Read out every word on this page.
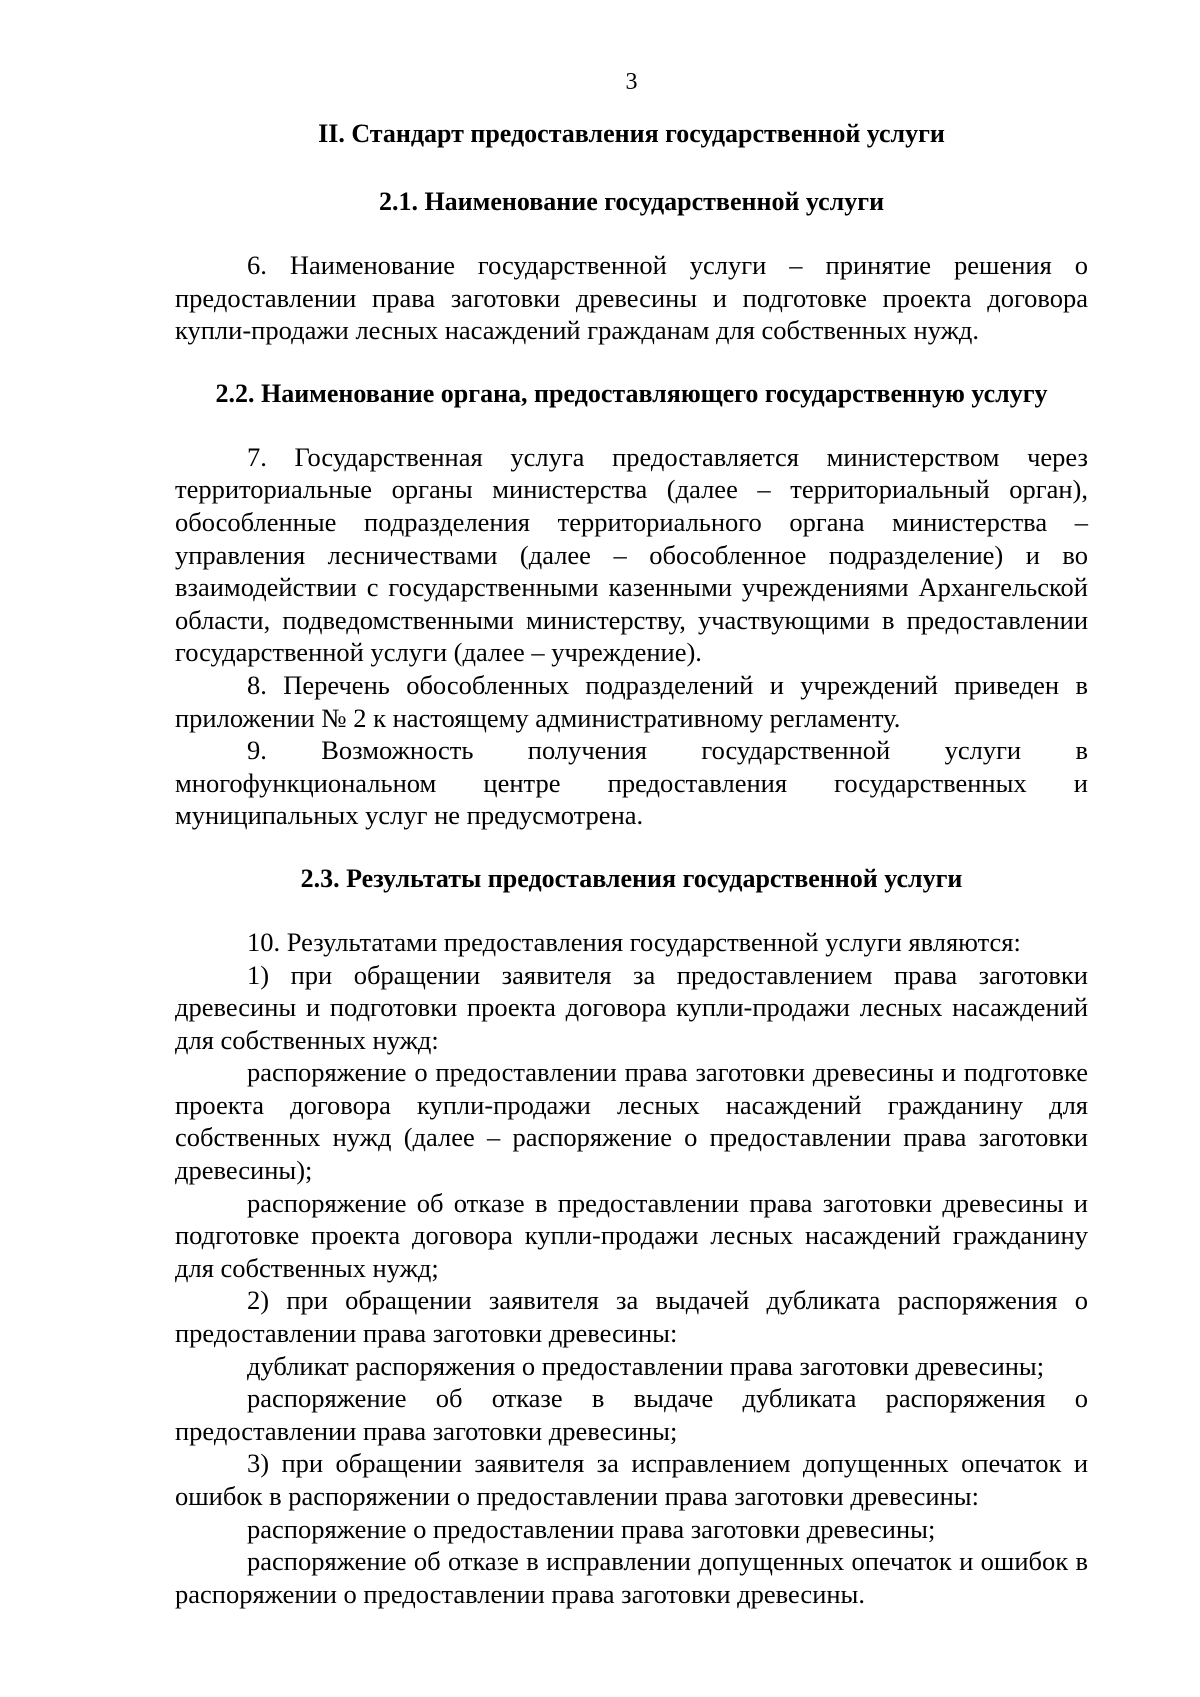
3
II. Стандарт предоставления государственной услуги
2.1. Наименование государственной услуги

6. Наименование государственной услуги – принятие решения о предоставлении права заготовки древесины и подготовке проекта договора купли-продажи лесных насаждений гражданам для собственных нужд.

2.2. Наименование органа, предоставляющего государственную услугу

7. Государственная услуга предоставляется министерством через территориальные органы министерства (далее – территориальный орган), обособленные подразделения территориального органа министерства – управления лесничествами (далее – обособленное подразделение) и во взаимодействии с государственными казенными учреждениями Архангельской области, подведомственными министерству, участвующими в предоставлении государственной услуги (далее – учреждение).

8. Перечень обособленных подразделений и учреждений приведен в приложении № 2 к настоящему административному регламенту.

9. Возможность получения государственной услуги в многофункциональном центре предоставления государственных и муниципальных услуг не предусмотрена.

2.3. Результаты предоставления государственной услуги

10. Результатами предоставления государственной услуги являются:

1) при обращении заявителя за предоставлением права заготовки древесины и подготовки проекта договора купли-продажи лесных насаждений для собственных нужд:

распоряжение о предоставлении права заготовки древесины и подготовке проекта договора купли-продажи лесных насаждений гражданину для собственных нужд (далее – распоряжение о предоставлении права заготовки древесины);

распоряжение об отказе в предоставлении права заготовки древесины и подготовке проекта договора купли-продажи лесных насаждений гражданину для собственных нужд;

2) при обращении заявителя за выдачей дубликата распоряжения о предоставлении права заготовки древесины:

дубликат распоряжения о предоставлении права заготовки древесины;

распоряжение об отказе в выдаче дубликата распоряжения о предоставлении права заготовки древесины;

3) при обращении заявителя за исправлением допущенных опечаток и ошибок в распоряжении о предоставлении права заготовки древесины:

распоряжение о предоставлении права заготовки древесины;

распоряжение об отказе в исправлении допущенных опечаток и ошибок в распоряжении о предоставлении права заготовки древесины.
